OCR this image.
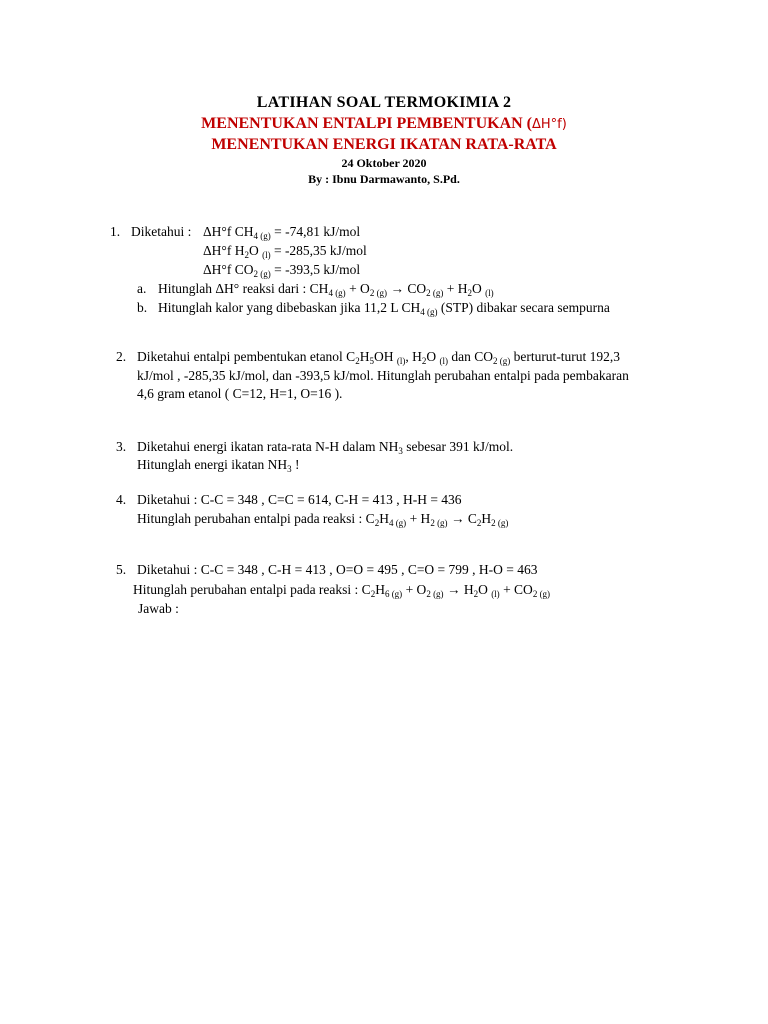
LATIHAN SOAL TERMOKIMIA 2
MENENTUKAN ENTALPI PEMBENTUKAN (ΔH°f)
MENENTUKAN ENERGI IKATAN RATA-RATA
24 Oktober 2020
By : Ibnu Darmawanto, S.Pd.
1. Diketahui : ΔH°f $CH_{4 (g)} = -74,81$ kJ/mol
ΔH°f $H_2O$ $_{(l)}$ = -285,35 kJ/mol
ΔH°f $CO_{2 (g)} = -393,5$ kJ/mol
a. Hitunglah ΔH° reaksi dari : $CH_{4 (g)} + O_{2 (g)} \to CO_{2 (g)} + H_2O$ $_{(l)}$
b. Hitunglah kalor yang dibebaskan jika 11,2 L $CH_{4 (g)}$ (STP) dibakar secara sempurna
2. Diketahui entalpi pembentukan etanol $C_2H_5OH$ $_{(l)}$, $H_2O$ $_{(l)}$ dan $CO_{2 (g)}$ berturut-turut 192,3
kJ/mol , -285,35 kJ/mol, dan -393,5 kJ/mol. Hitunglah perubahan entalpi pada pembakaran
4,6 gram etanol ( C=12, H=1, O=16 ).
3. Diketahui energi ikatan rata-rata N-H dalam $NH_3$ sebesar 391 kJ/mol.
Hitunglah energi ikatan $NH_3$ !
4. Diketahui : C-C = 348 , C=C = 614, C-H = 413 , H-H = 436
Hitunglah perubahan entalpi pada reaksi : $C_2H_{4 (g)} + H_{2 (g)} \to C_2H_{2 (g)}$
5. Diketahui : C-C = 348 , C-H = 413 , O=O = 495 , C=O = 799 , H-O = 463
Hitunglah perubahan entalpi pada reaksi : $C_2H_{6 (g)} + O_{2 (g)} \to H_2O$ $_{(l)} + CO_{2 (g)}$
Jawab :
